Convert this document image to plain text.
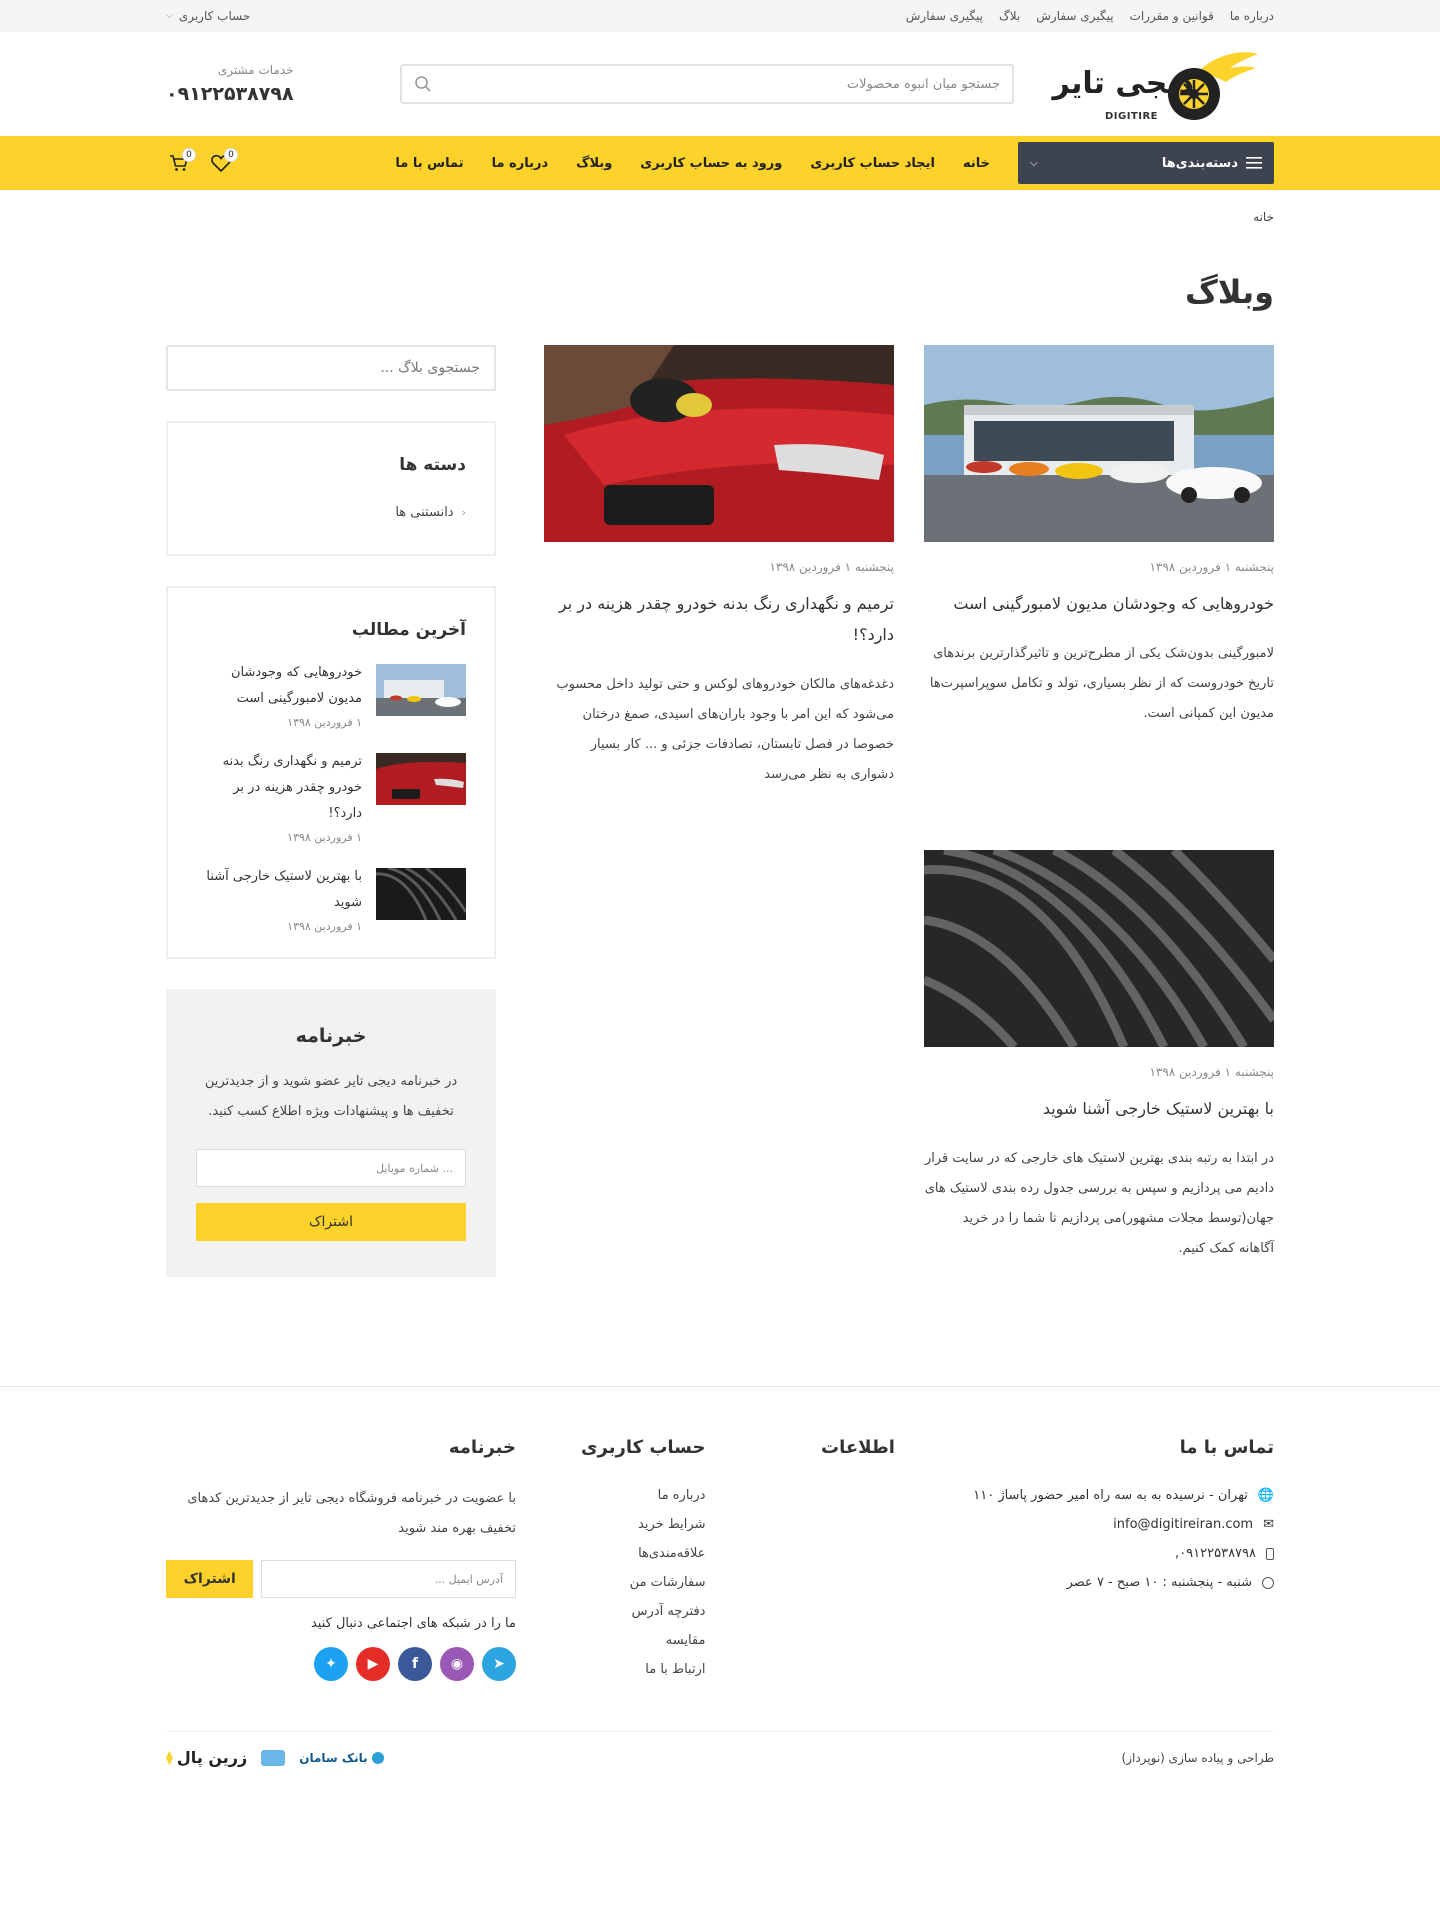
درباره ما
قوانین و مقررات
پیگیری سفارش
بلاگ
پیگیری سفارش
حساب کاربری
⌵
دیجی تایر
DIGITIRE
جستجو میان انبوه محصولات
خدمات مشتری
۰۹۱۲۲۵۳۸۷۹۸
دسته‌بندی‌ها
⌵
خانه
ایجاد حساب کاربری
ورود به حساب کاربری
وبلاگ
درباره ما
تماس با ما
0
0
خانه
وبلاگ
پنجشنبه ۱ فروردین ۱۳۹۸
خودروهایی که وجودشان مدیون لامبورگینی است
لامبورگینی بدون‌شک یکی از مطرح‌ترین و تاثیرگذارترین برندهای تاریخ خودروست که از نظر بسیاری، تولد و تکامل سوپراسپرت‌ها مدیون این کمپانی است.
پنجشنبه ۱ فروردین ۱۳۹۸
ترمیم و نگهداری رنگ بدنه خودرو چقدر هزینه در بر دارد؟!
دغدغه‌های مالکان خودروهای لوکس و حتی تولید داخل محسوب می‌شود که این امر با وجود باران‌های اسیدی، صمغ درختان خصوصا در فصل تابستان، تصادفات جزئی و ... کار بسیار دشواری به نظر می‌رسد
پنجشنبه ۱ فروردین ۱۳۹۸
با بهترین لاستیک خارجی آشنا شوید
در ابتدا به رتبه بندی بهترین لاستیک های خارجی که در سایت قرار دادیم می پردازیم و سپس به بررسی جدول رده بندی لاستیک های جهان(توسط مجلات مشهور)می پردازیم تا شما را در خرید آگاهانه کمک کنیم.
جستجوی بلاگ ...
دسته ها
‹
دانستنی ها
آخرین مطالب
خودروهایی که وجودشان مدیون لامبورگینی است
۱ فروردین ۱۳۹۸
ترمیم و نگهداری رنگ بدنه خودرو چقدر هزینه در بر دارد؟!
۱ فروردین ۱۳۹۸
با بهترین لاستیک خارجی آشنا شوید
۱ فروردین ۱۳۹۸
خبرنامه

در خبرنامه دیجی تایر عضو شوید و از جدیدترین تخفیف ها و پیشنهادات ویژه اطلاع کسب کنید.

... شماره موبایل
اشتراک
تماس با ما
🌐
تهران - نرسیده به به سه راه امیر حضور پاساژ ۱۱۰
✉
info@digitireiran.com
۰۹۱۲۲۵۳۸۷۹۸,
شنبه - پنجشنبه : ۱۰ صبح - ۷ عصر
اطلاعات
حساب کاربری
درباره ما
شرایط خرید
علاقه‌مندی‌ها
سفارشات من
دفترچه آدرس
مقایسه
ارتباط با ما
خبرنامه
با عضویت در خبرنامه فروشگاه دیجی تایر از جدیدترین کدهای تخفیف بهره مند شوید
آدرس ایمیل ...
اشتراک
ما را در شبکه های اجتماعی دنبال کنید
➤
◉
f
▶
✦
طراحی و پیاده سازی (نوپرداز)
بانک سامان
زرین پال
⧫
